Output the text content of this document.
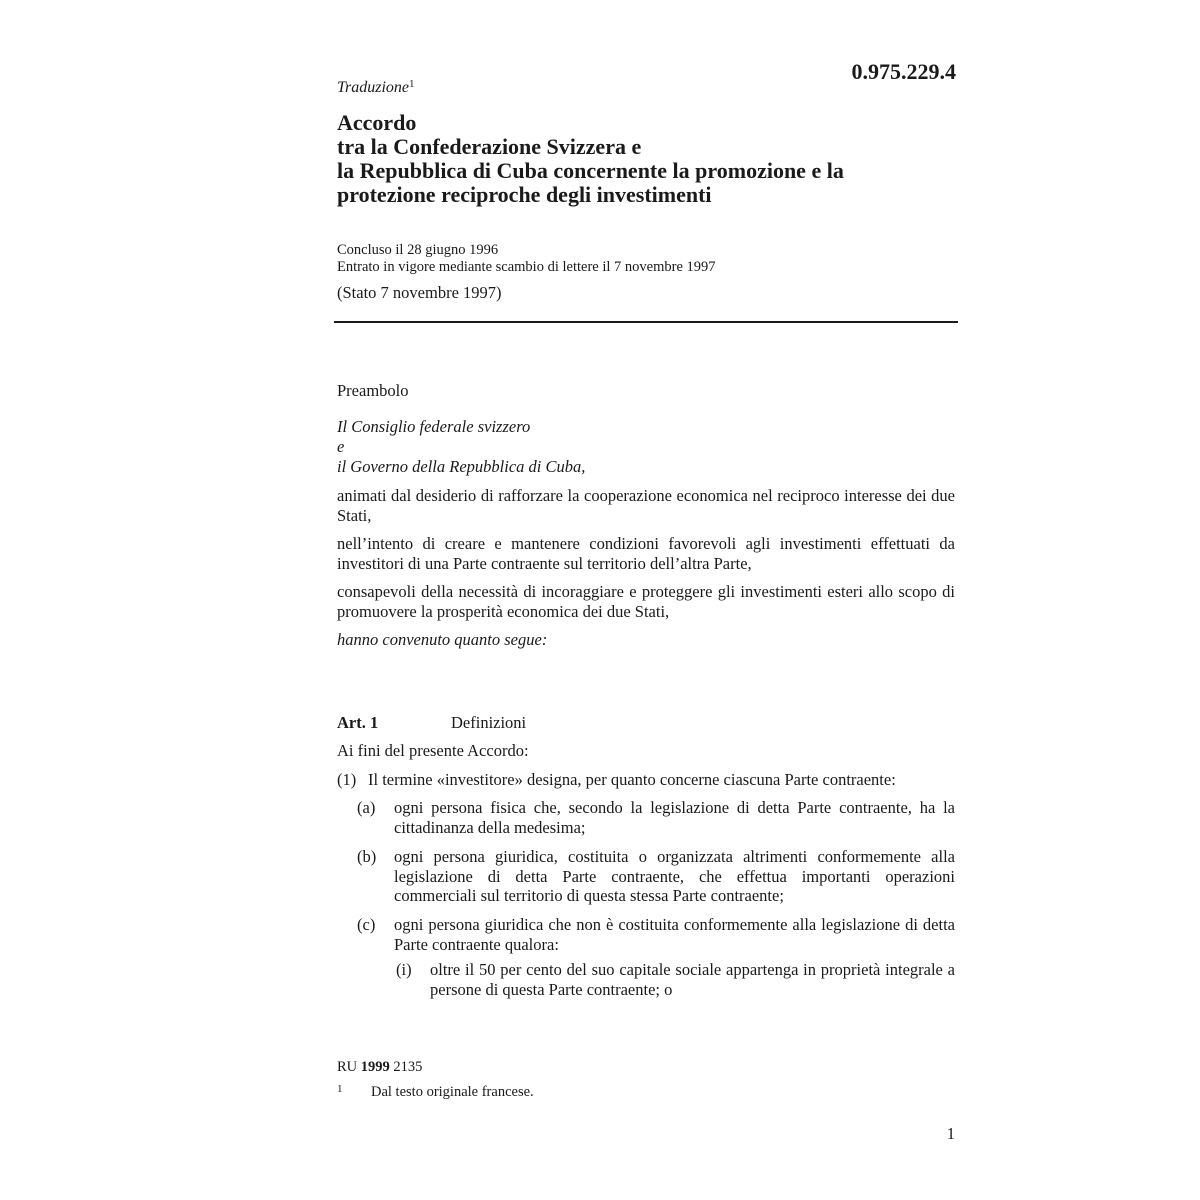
0.975.229.4
Traduzione$^1$
Accordo
tra la Confederazione Svizzera e
la Repubblica di Cuba concernente la promozione e la
protezione reciproche degli investimenti
Concluso il 28 giugno 1996
Entrato in vigore mediante scambio di lettere il 7 novembre 1997
(Stato 7 novembre 1997)
Preambolo
Il Consiglio federale svizzero
e
il Governo della Repubblica di Cuba,
animati dal desiderio di rafforzare la cooperazione economica nel reciproco interesse dei due Stati,
nell’intento di creare e mantenere condizioni favorevoli agli investimenti effettuati da investitori di una Parte contraente sul territorio dell’altra Parte,
consapevoli della necessità di incoraggiare e proteggere gli investimenti esteri allo scopo di promuovere la prosperità economica dei due Stati,
hanno convenuto quanto segue:
Art. 1	Definizioni
Ai fini del presente Accordo:
(1) Il termine «investitore» designa, per quanto concerne ciascuna Parte contraente:
(a)	ogni persona fisica che, secondo la legislazione di detta Parte contraente, ha la cittadinanza della medesima;
(b)	ogni persona giuridica, costituita o organizzata altrimenti conformemente alla legislazione di detta Parte contraente, che effettua importanti operazioni commerciali sul territorio di questa stessa Parte contraente;
(c)	ogni persona giuridica che non è costituita conformemente alla legislazione di detta Parte contraente qualora:
(i)	oltre il 50 per cento del suo capitale sociale appartenga in proprietà integrale a persone di questa Parte contraente; o
RU 1999 2135
1 Dal testo originale francese.
1
